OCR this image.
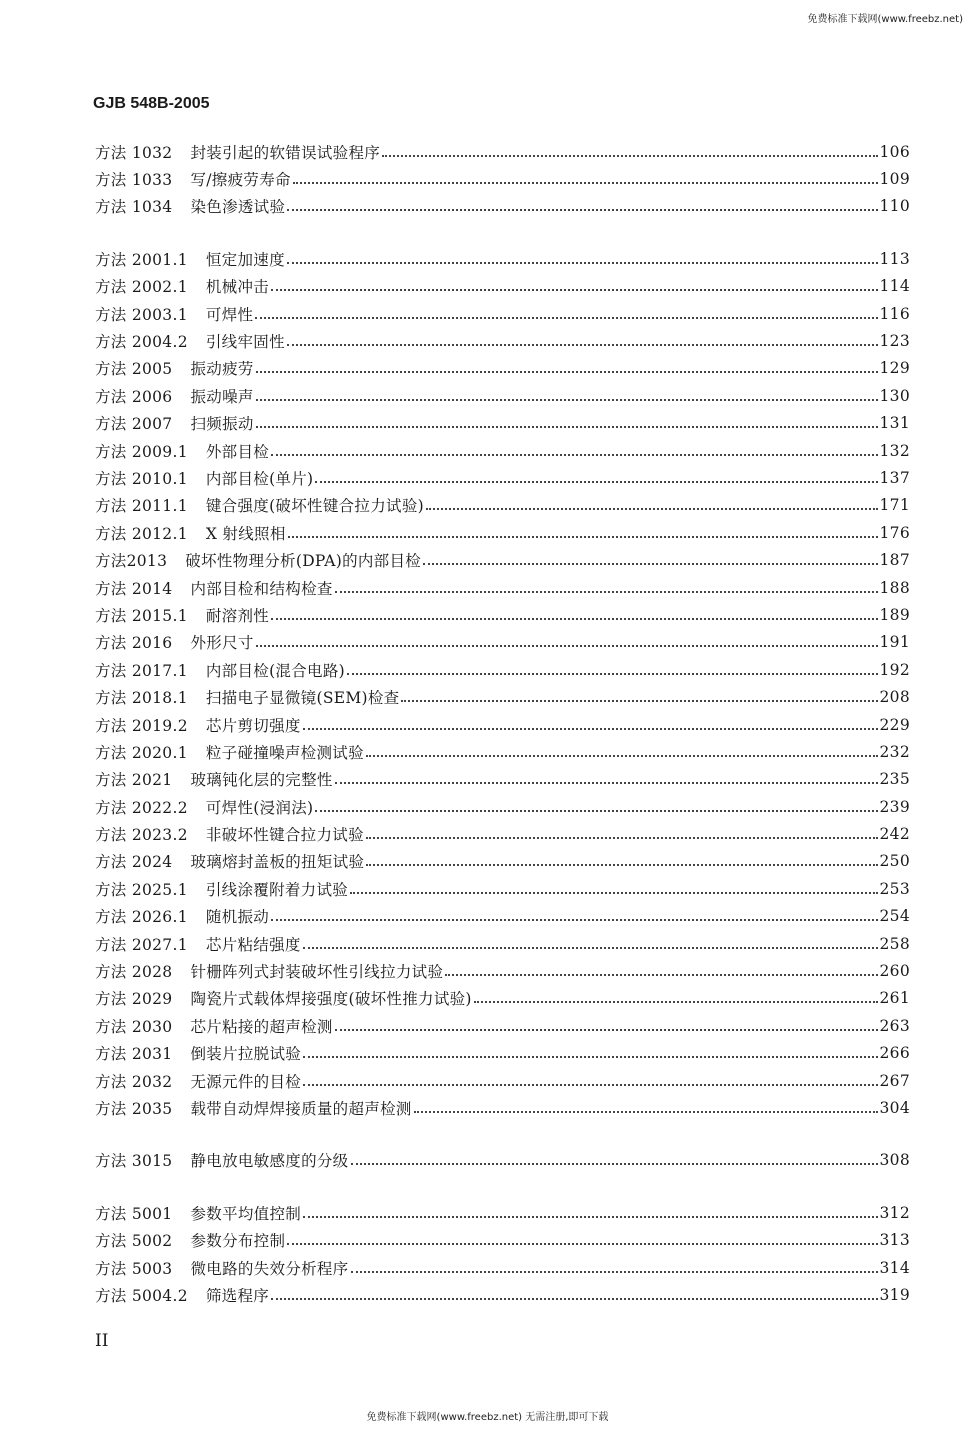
免费标准下载网(www.freebz.net)
GJB 548B-2005
方法 1032 封装引起的软错误试验程序	106
方法 1033 写/擦疲劳寿命	109
方法 1034 染色渗透试验	110
方法 2001.1 恒定加速度	113
方法 2002.1 机械冲击	114
方法 2003.1 可焊性	116
方法 2004.2 引线牢固性	123
方法 2005 振动疲劳	129
方法 2006 振动噪声	130
方法 2007 扫频振动	131
方法 2009.1 外部目检	132
方法 2010.1 内部目检(单片)	137
方法 2011.1 键合强度(破坏性键合拉力试验)	171
方法 2012.1 X 射线照相	176
方法2013 破坏性物理分析(DPA)的内部目检	187
方法 2014 内部目检和结构检查	188
方法 2015.1 耐溶剂性	189
方法 2016 外形尺寸	191
方法 2017.1 内部目检(混合电路)	192
方法 2018.1 扫描电子显微镜(SEM)检查	208
方法 2019.2 芯片剪切强度	229
方法 2020.1 粒子碰撞噪声检测试验	232
方法 2021 玻璃钝化层的完整性	235
方法 2022.2 可焊性(浸润法)	239
方法 2023.2 非破坏性键合拉力试验	242
方法 2024 玻璃熔封盖板的扭矩试验	250
方法 2025.1 引线涂覆附着力试验	253
方法 2026.1 随机振动	254
方法 2027.1 芯片粘结强度	258
方法 2028 针栅阵列式封装破坏性引线拉力试验	260
方法 2029 陶瓷片式载体焊接强度(破坏性推力试验)	261
方法 2030 芯片粘接的超声检测	263
方法 2031 倒装片拉脱试验	266
方法 2032 无源元件的目检	267
方法 2035 载带自动焊焊接质量的超声检测	304
方法 3015 静电放电敏感度的分级	308
方法 5001 参数平均值控制	312
方法 5002 参数分布控制	313
方法 5003 微电路的失效分析程序	314
方法 5004.2 筛选程序	319
II
免费标准下载网(www.freebz.net) 无需注册,即可下载
